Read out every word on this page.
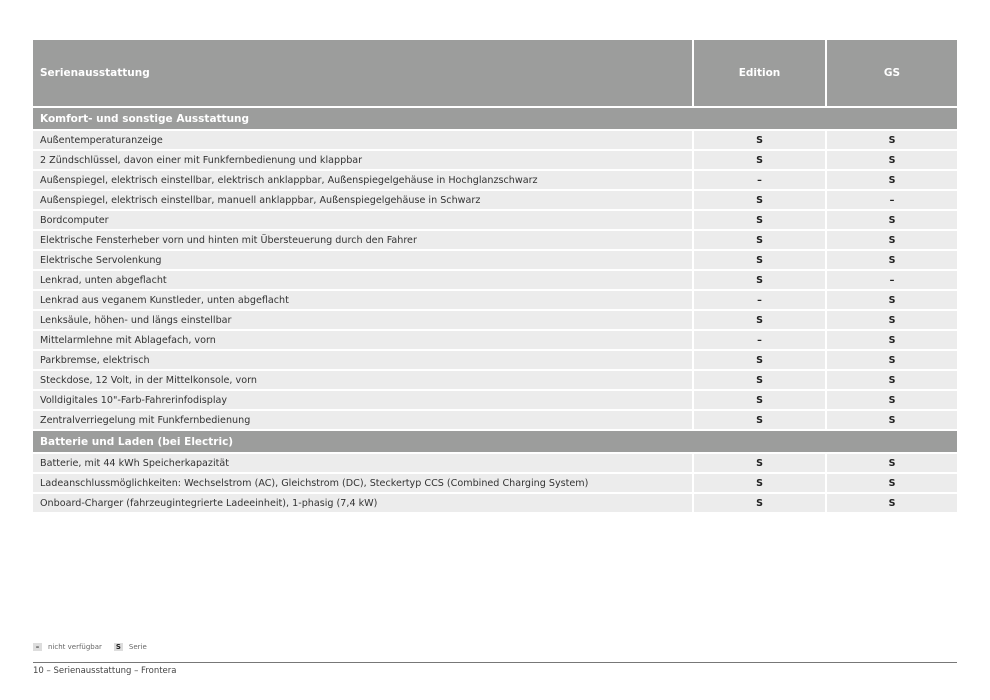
Serienausstattung	Edition	GS
Komfort- und sonstige Ausstattung
Außentemperaturanzeige	S	S
2 Zündschlüssel, davon einer mit Funkfernbedienung und klappbar	S	S
Außenspiegel, elektrisch einstellbar, elektrisch anklappbar, Außenspiegelgehäuse in Hochglanzschwarz	–	S
Außenspiegel, elektrisch einstellbar, manuell anklappbar, Außenspiegelgehäuse in Schwarz	S	–
Bordcomputer	S	S
Elektrische Fensterheber vorn und hinten mit Übersteuerung durch den Fahrer	S	S
Elektrische Servolenkung	S	S
Lenkrad, unten abgeflacht	S	–
Lenkrad aus veganem Kunstleder, unten abgeflacht	–	S
Lenksäule, höhen- und längs einstellbar	S	S
Mittelarmlehne mit Ablagefach, vorn	–	S
Parkbremse, elektrisch	S	S
Steckdose, 12 Volt, in der Mittelkonsole, vorn	S	S
Volldigitales 10"-Farb-Fahrerinfodisplay	S	S
Zentralverriegelung mit Funkfernbedienung	S	S
Batterie und Laden (bei Electric)
Batterie, mit 44 kWh Speicherkapazität	S	S
Ladeanschlussmöglichkeiten: Wechselstrom (AC), Gleichstrom (DC), Steckertyp CCS (Combined Charging System)	S	S
Onboard-Charger (fahrzeugintegrierte Ladeeinheit), 1-phasig (7,4 kW)	S	S
–	nicht verfügbar S Serie
10 – Serienausstattung – Frontera
